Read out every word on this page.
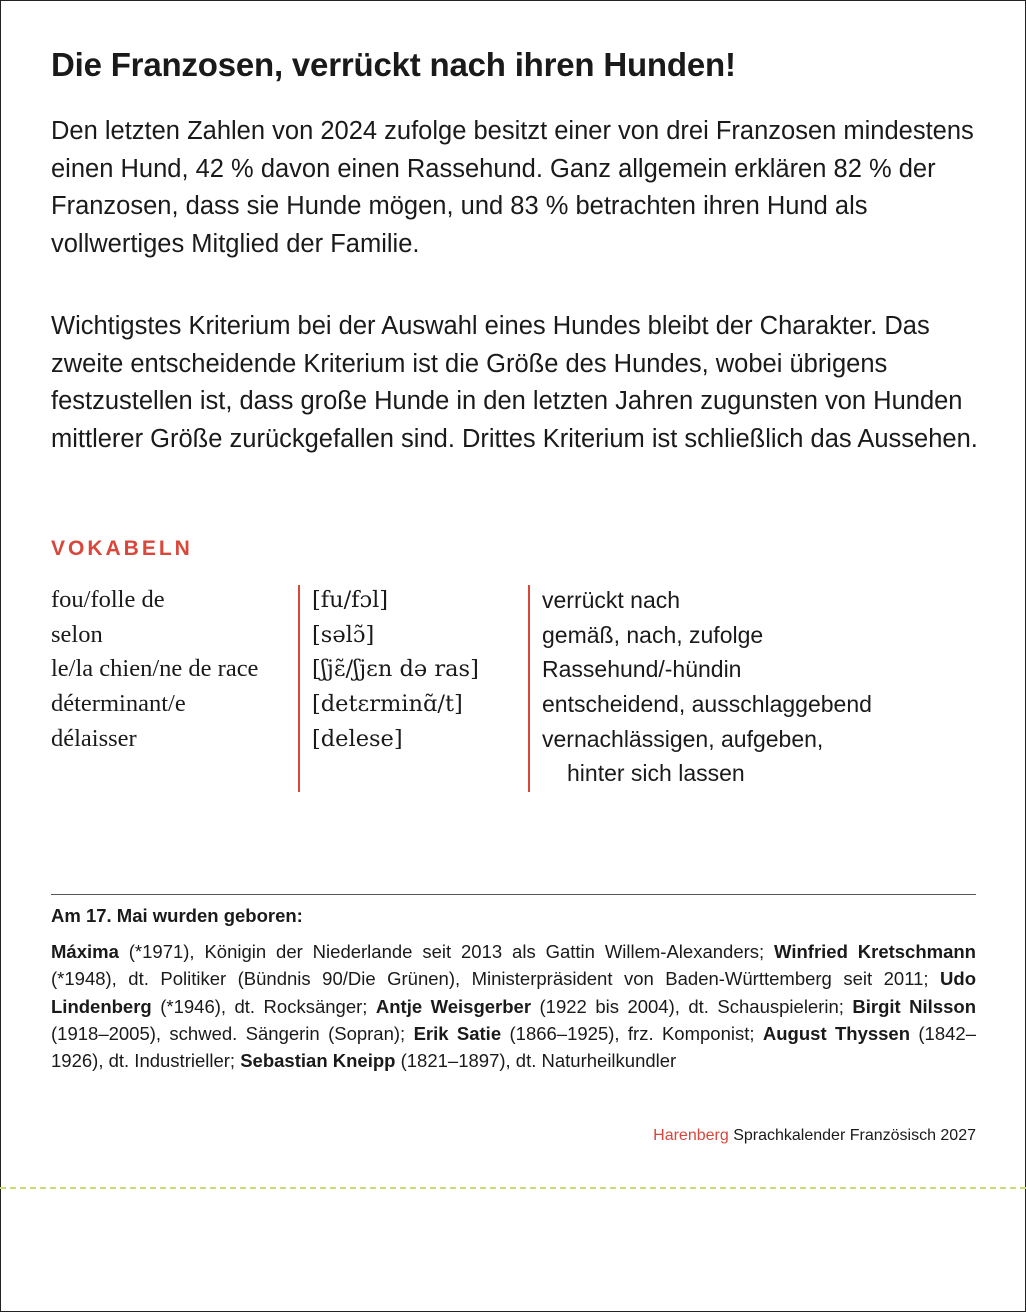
Die Franzosen, verrückt nach ihren Hunden!

Den letzten Zahlen von 2024 zufolge besitzt einer von drei Franzosen mindestens einen Hund, 42 % davon einen Rassehund. Ganz allgemein erklären 82 % der Franzosen, dass sie Hunde mögen, und 83 % betrachten ihren Hund als vollwertiges Mitglied der Familie.

Wichtigstes Kriterium bei der Auswahl eines Hundes bleibt der Charakter. Das zweite entscheidende Kriterium ist die Größe des Hundes, wobei übrigens festzustellen ist, dass große Hunde in den letzten Jahren zugunsten von Hunden mittlerer Größe zurückgefallen sind. Drittes Kriterium ist schließlich das Aussehen.

VOKABELN
fou/folle de
selon
le/la chien/ne de race
déterminant/e
délaisser
[fu/fɔl]
[səlɔ̃]
[ʃjɛ̃/ʃjɛn də ras]
[detɛrminɑ̃/t]
[delese]
verrückt nach
gemäß, nach, zufolge
Rassehund/-hündin
entscheidend, ausschlaggebend
vernachlässigen, aufgeben,
hinter sich lassen
Am 17. Mai wurden geboren:

Máxima (*1971), Königin der Niederlande seit 2013 als Gattin Willem-Alexanders; Winfried Kretschmann (*1948), dt. Politiker (Bündnis 90/Die Grünen), Ministerpräsident von Baden-Württemberg seit 2011; Udo Lindenberg (*1946), dt. Rocksänger; Antje Weisgerber (1922 bis 2004), dt. Schauspielerin; Birgit Nilsson (1918–2005), schwed. Sängerin (Sopran); Erik Satie (1866–1925), frz. Komponist; August Thyssen (1842–1926), dt. Industrieller; Sebastian Kneipp (1821–1897), dt. Naturheilkundler

Harenberg Sprachkalender Französisch 2027
